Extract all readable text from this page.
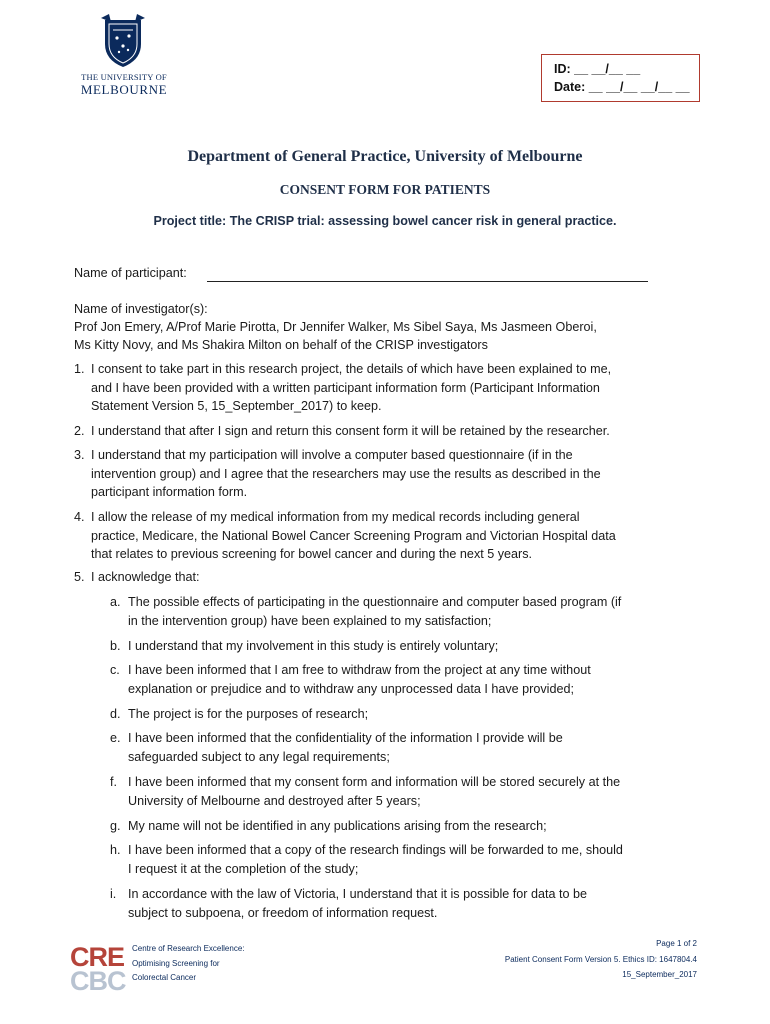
THE UNIVERSITY OF
MELBOURNE
ID: __ __/__ __
Date: __ __/__ __/__ __
Department of General Practice, University of Melbourne
CONSENT FORM FOR PATIENTS
Project title: The CRISP trial: assessing bowel cancer risk in general practice.
Name of participant:
Name of investigator(s):
Prof Jon Emery, A/Prof Marie Pirotta, Dr Jennifer Walker, Ms Sibel Saya, Ms Jasmeen Oberoi,
Ms Kitty Novy, and Ms Shakira Milton on behalf of the CRISP investigators
1. I consent to take part in this research project, the details of which have been explained to me,
and I have been provided with a written participant information form (Participant Information
Statement Version 5, 15_September_2017) to keep.
2. I understand that after I sign and return this consent form it will be retained by the researcher.
3. I understand that my participation will involve a computer based questionnaire (if in the
intervention group) and I agree that the researchers may use the results as described in the
participant information form.
4. I allow the release of my medical information from my medical records including general
practice, Medicare, the National Bowel Cancer Screening Program and Victorian Hospital data
that relates to previous screening for bowel cancer and during the next 5 years.
5. I acknowledge that:
a. The possible effects of participating in the questionnaire and computer based program (if
in the intervention group) have been explained to my satisfaction;
b. I understand that my involvement in this study is entirely voluntary;
c. I have been informed that I am free to withdraw from the project at any time without
explanation or prejudice and to withdraw any unprocessed data I have provided;
d. The project is for the purposes of research;
e. I have been informed that the confidentiality of the information I provide will be
safeguarded subject to any legal requirements;
f. I have been informed that my consent form and information will be stored securely at the
University of Melbourne and destroyed after 5 years;
g. My name will not be identified in any publications arising from the research;
h. I have been informed that a copy of the research findings will be forwarded to me, should
I request it at the completion of the study;
i. In accordance with the law of Victoria, I understand that it is possible for data to be
subject to subpoena, or freedom of information request.
CRE
CBC
Centre of Research Excellence:
Optimising Screening for
Colorectal Cancer
Page 1 of 2
Patient Consent Form Version 5. Ethics ID: 1647804.4
15_September_2017
